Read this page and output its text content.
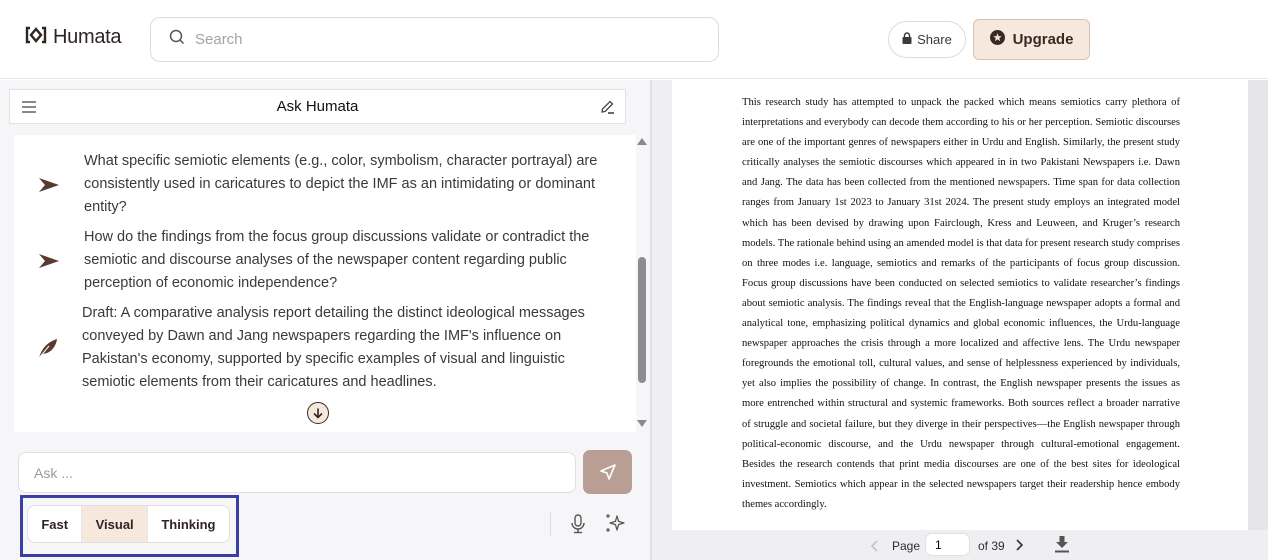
Humata
Search	Share	Upgrade
Ask Humata
What specific semiotic elements (e.g., color, symbolism, character portrayal) are consistently used in caricatures to depict the IMF as an intimidating or dominant entity?
How do the findings from the focus group discussions validate or contradict the semiotic and discourse analyses of the newspaper content regarding public perception of economic independence?
Draft: A comparative analysis report detailing the distinct ideological messages conveyed by Dawn and Jang newspapers regarding the IMF's influence on Pakistan's economy, supported by specific examples of visual and linguistic semiotic elements from their caricatures and headlines.
Ask ...
Fast	Visual	Thinking

This research study has attempted to unpack the packed which means semiotics carry plethora of interpretations and everybody can decode them according to his or her perception. Semiotic discourses are one of the important genres of newspapers either in Urdu and English. Similarly, the present study critically analyses the semiotic discourses which appeared in in two Pakistani Newspapers i.e. Dawn and Jang. The data has been collected from the mentioned newspapers. Time span for data collection ranges from January 1st 2023 to January 31st 2024. The present study employs an integrated model which has been devised by drawing upon Fairclough, Kress and Leuween, and Kruger’s research models. The rationale behind using an amended model is that data for present research study comprises on three modes i.e. language, semiotics and remarks of the participants of focus group discussion. Focus group discussions have been conducted on selected semiotics to validate researcher’s findings about semiotic analysis. The findings reveal that the English-language newspaper adopts a formal and analytical tone, emphasizing political dynamics and global economic influences, the Urdu-language newspaper approaches the crisis through a more localized and affective lens. The Urdu newspaper foregrounds the emotional toll, cultural values, and sense of helplessness experienced by individuals, yet also implies the possibility of change. In contrast, the English newspaper presents the issues as more entrenched within structural and systemic frameworks. Both sources reflect a broader narrative of struggle and societal failure, but they diverge in their perspectives—the English newspaper through political-economic discourse, and the Urdu newspaper through cultural-emotional engagement. Besides the research contends that print media discourses are one of the best sites for ideological investment. Semiotics which appear in the selected newspapers target their readership hence embody themes accordingly.

Page
1	of 39
